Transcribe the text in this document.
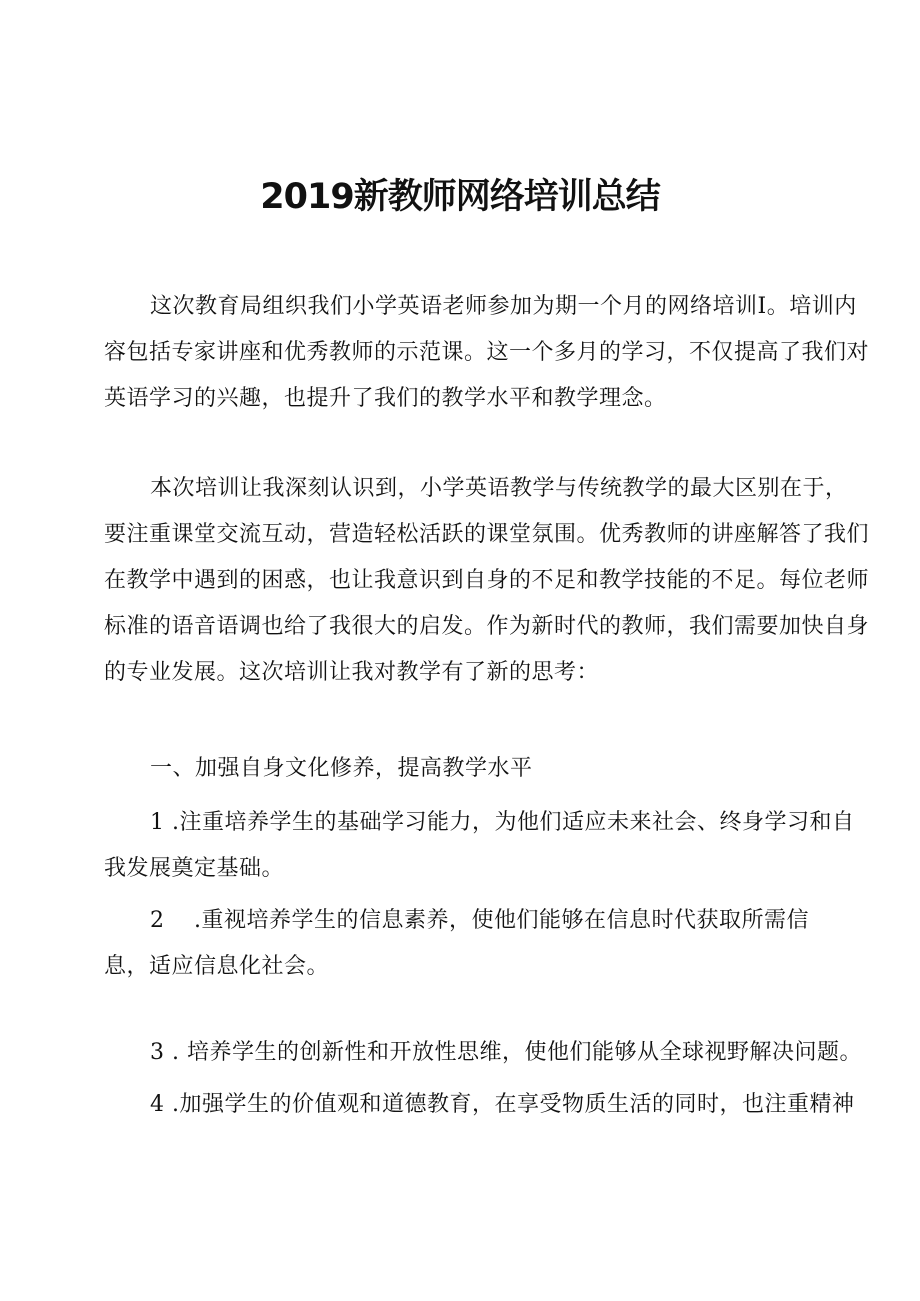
2019新教师网络培训总结
这次教育局组织我们小学英语老师参加为期一个月的网络培训I。培训内
容包括专家讲座和优秀教师的示范课。这一个多月的学习，不仅提高了我们对
英语学习的兴趣，也提升了我们的教学水平和教学理念。
本次培训让我深刻认识到，小学英语教学与传统教学的最大区别在于，
要注重课堂交流互动，营造轻松活跃的课堂氛围。优秀教师的讲座解答了我们
在教学中遇到的困惑，也让我意识到自身的不足和教学技能的不足。每位老师
标准的语音语调也给了我很大的启发。作为新时代的教师，我们需要加快自身
的专业发展。这次培训让我对教学有了新的思考：
一、加强自身文化修养，提高教学水平
1 .注重培养学生的基础学习能力，为他们适应未来社会、终身学习和自
我发展奠定基础。
2 .重视培养学生的信息素养，使他们能够在信息时代获取所需信
息，适应信息化社会。
3 . 培养学生的创新性和开放性思维，使他们能够从全球视野解决问题。
4 .加强学生的价值观和道德教育，在享受物质生活的同时，也注重精神
